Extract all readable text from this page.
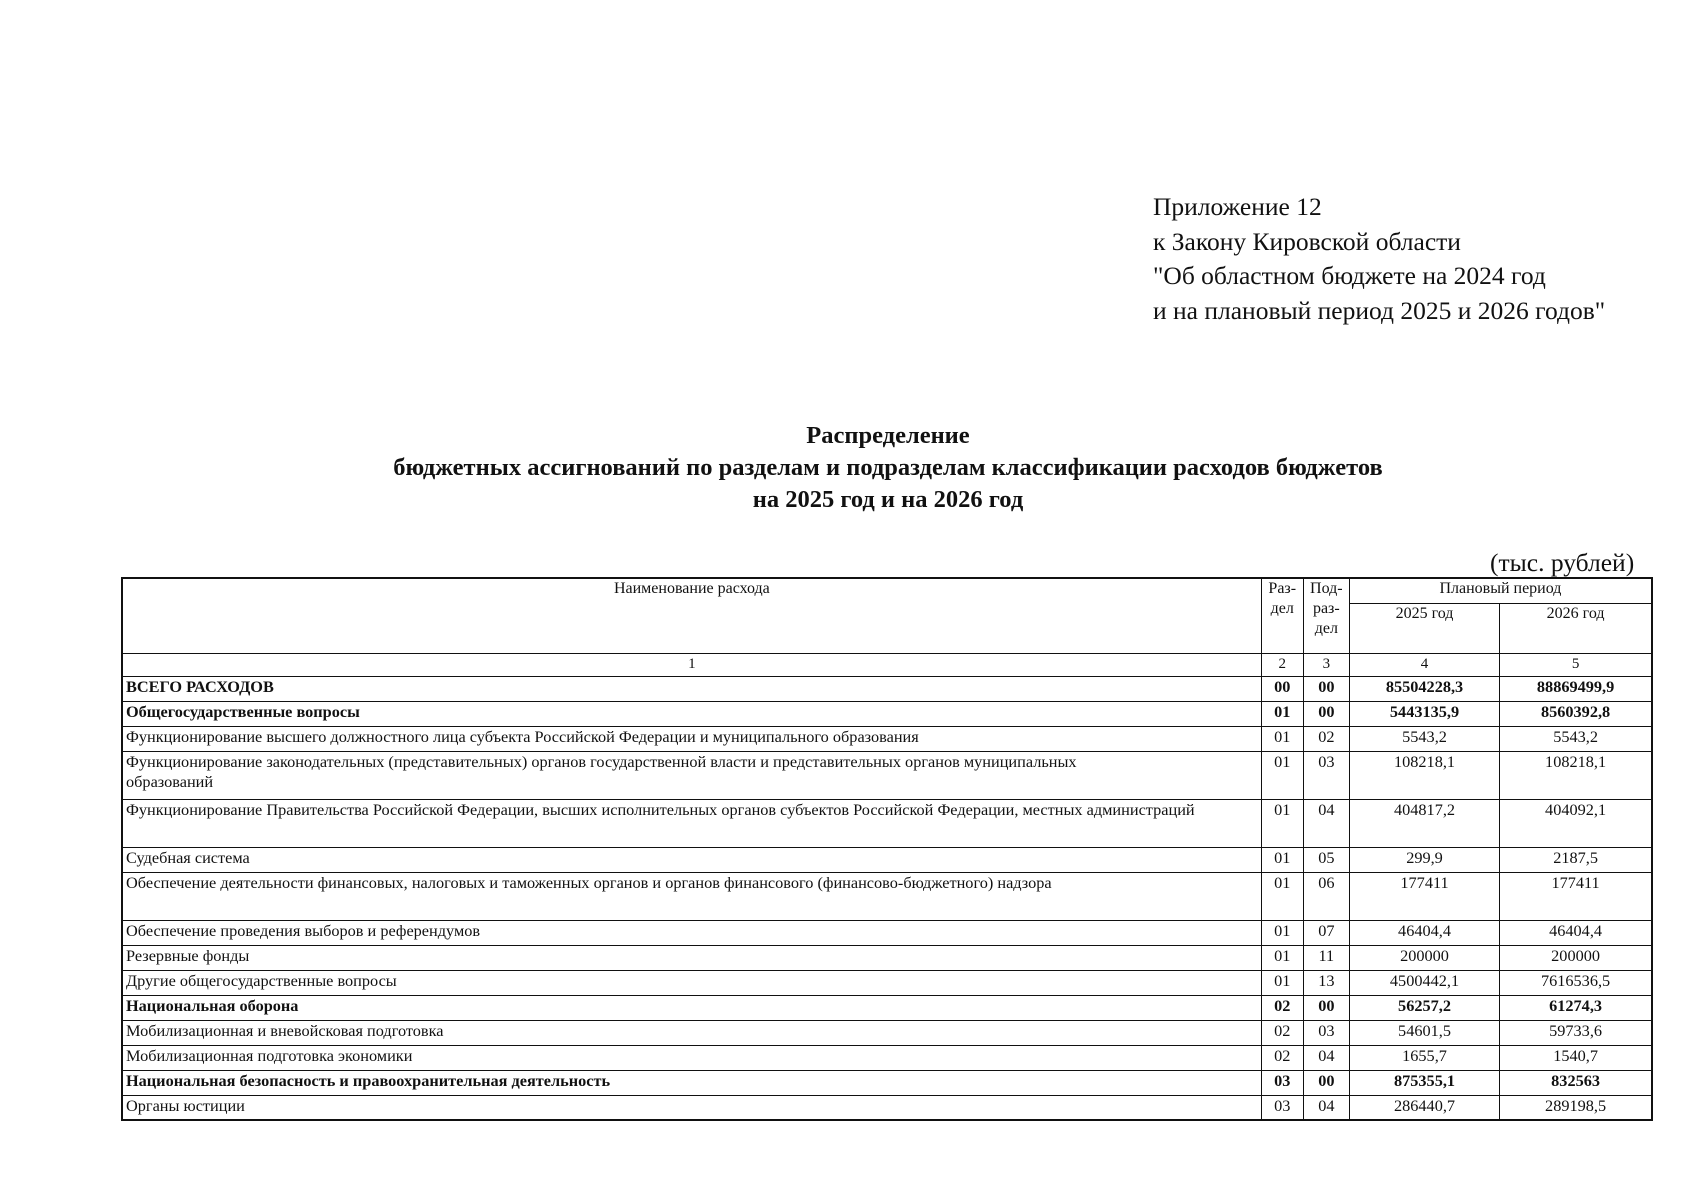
Приложение 12
к Закону Кировской области
"Об областном бюджете на 2024 год
и на плановый период 2025 и 2026 годов"
Распределение
бюджетных ассигнований по разделам и подразделам классификации расходов бюджетов
на 2025 год и на 2026 год
(тыс. рублей)
Наименование расхода	Раз-дел	Под-раз-дел	Плановый период	
			2025 год	2026 год
1	2	3	4	5
ВСЕГО РАСХОДОВ	00	00	85504228,3	88869499,9
Общегосударственные вопросы	01	00	5443135,9	8560392,8
Функционирование высшего должностного лица субъекта Российской Федерации и муниципального образования	01	02	5543,2	5543,2
Функционирование законодательных (представительных) органов государственной власти и представительных органов муниципальных образований	01	03	108218,1	108218,1
Функционирование Правительства Российской Федерации, высших исполнительных органов субъектов Российской Федерации, местных администраций	01	04	404817,2	404092,1
Судебная система	01	05	299,9	2187,5
Обеспечение деятельности финансовых, налоговых и таможенных органов и органов финансового (финансово-бюджетного) надзора	01	06	177411	177411
Обеспечение проведения выборов и референдумов	01	07	46404,4	46404,4
Резервные фонды	01	11	200000	200000
Другие общегосударственные вопросы	01	13	4500442,1	7616536,5
Национальная оборона	02	00	56257,2	61274,3
Мобилизационная и вневойсковая подготовка	02	03	54601,5	59733,6
Мобилизационная подготовка экономики	02	04	1655,7	1540,7
Национальная безопасность и правоохранительная деятельность	03	00	875355,1	832563
Органы юстиции	03	04	286440,7	289198,5
